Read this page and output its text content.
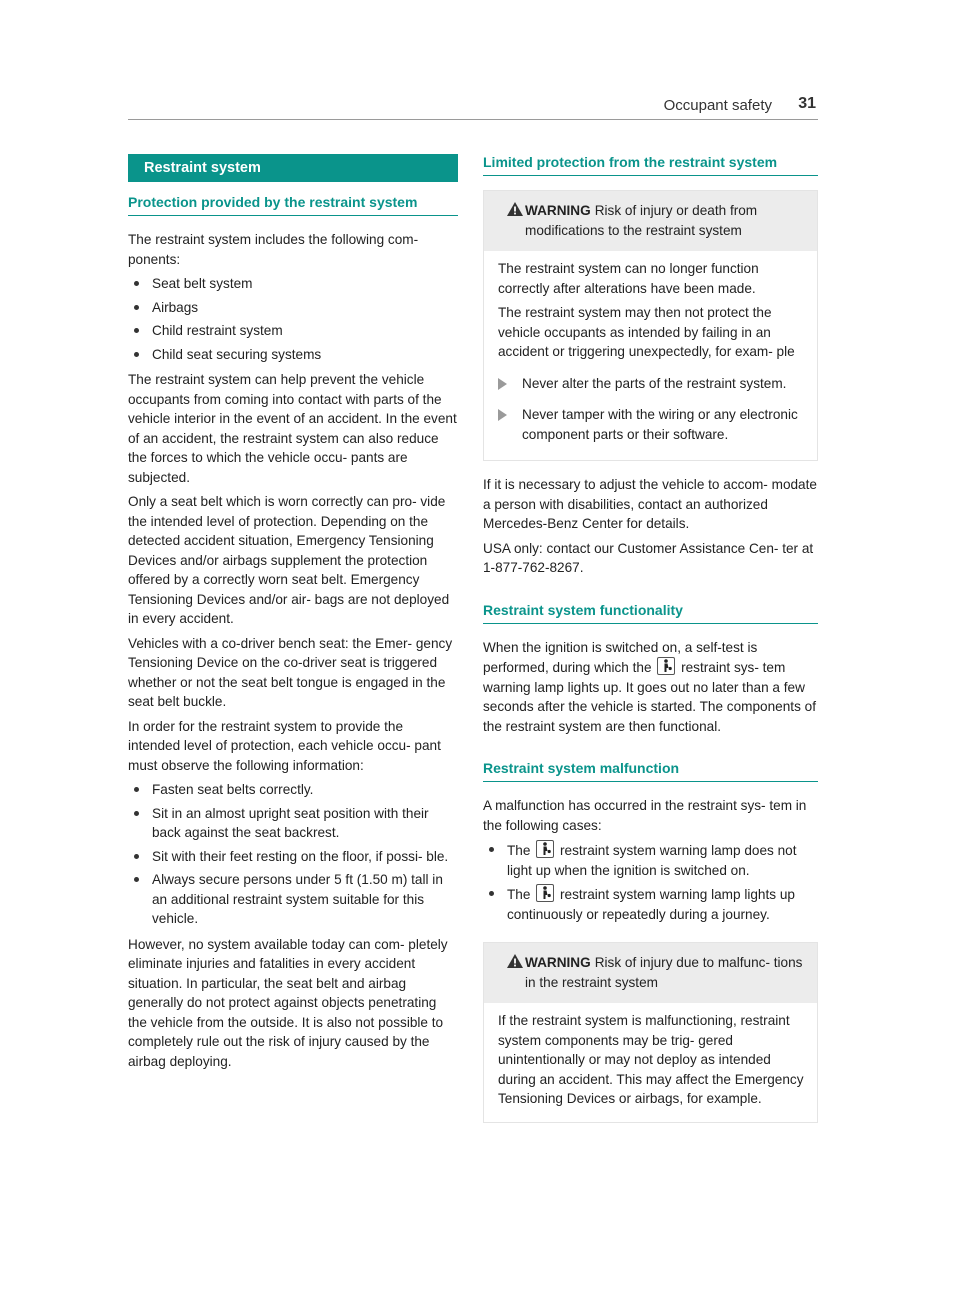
Occupant safety 31
Restraint system
Protection provided by the restraint system

The restraint system includes the following com- ponents:

Seat belt system
Airbags
Child restraint system
Child seat securing systems

The restraint system can help prevent the vehicle occupants from coming into contact with parts of the vehicle interior in the event of an accident. In the event of an accident, the restraint system can also reduce the forces to which the vehicle occu- pants are subjected.

Only a seat belt which is worn correctly can pro- vide the intended level of protection. Depending on the detected accident situation, Emergency Tensioning Devices and/or airbags supplement the protection offered by a correctly worn seat belt. Emergency Tensioning Devices and/or air- bags are not deployed in every accident.

Vehicles with a co-driver bench seat: the Emer- gency Tensioning Device on the co-driver seat is triggered whether or not the seat belt tongue is engaged in the seat belt buckle.

In order for the restraint system to provide the intended level of protection, each vehicle occu- pant must observe the following information:

Fasten seat belts correctly.
Sit in an almost upright seat position with their back against the seat backrest.
Sit with their feet resting on the floor, if possi- ble.
Always secure persons under 5 ft (1.50 m) tall in an additional restraint system suitable for this vehicle.

However, no system available today can com- pletely eliminate injuries and fatalities in every accident situation. In particular, the seat belt and airbag generally do not protect against objects penetrating the vehicle from the outside. It is also not possible to completely rule out the risk of injury caused by the airbag deploying.

Limited protection from the restraint system

WARNING Risk of injury or death from modifications to the restraint system

The restraint system can no longer function correctly after alterations have been made.

The restraint system may then not protect the vehicle occupants as intended by failing in an accident or triggering unexpectedly, for exam- ple

Never alter the parts of the restraint system.

Never tamper with the wiring or any electronic component parts or their software.

If it is necessary to adjust the vehicle to accom- modate a person with disabilities, contact an authorized Mercedes-Benz Center for details.

USA only: contact our Customer Assistance Cen- ter at 1-877-762-8267.

Restraint system functionality

When the ignition is switched on, a self-test is performed, during which the restraint sys- tem warning lamp lights up. It goes out no later than a few seconds after the vehicle is started. The components of the restraint system are then functional.

Restraint system malfunction

A malfunction has occurred in the restraint sys- tem in the following cases:

The restraint system warning lamp does not light up when the ignition is switched on.
The restraint system warning lamp lights up continuously or repeatedly during a journey.

WARNING Risk of injury due to malfunc- tions in the restraint system

If the restraint system is malfunctioning, restraint system components may be trig- gered unintentionally or may not deploy as intended during an accident. This may affect the Emergency Tensioning Devices or airbags, for example.
